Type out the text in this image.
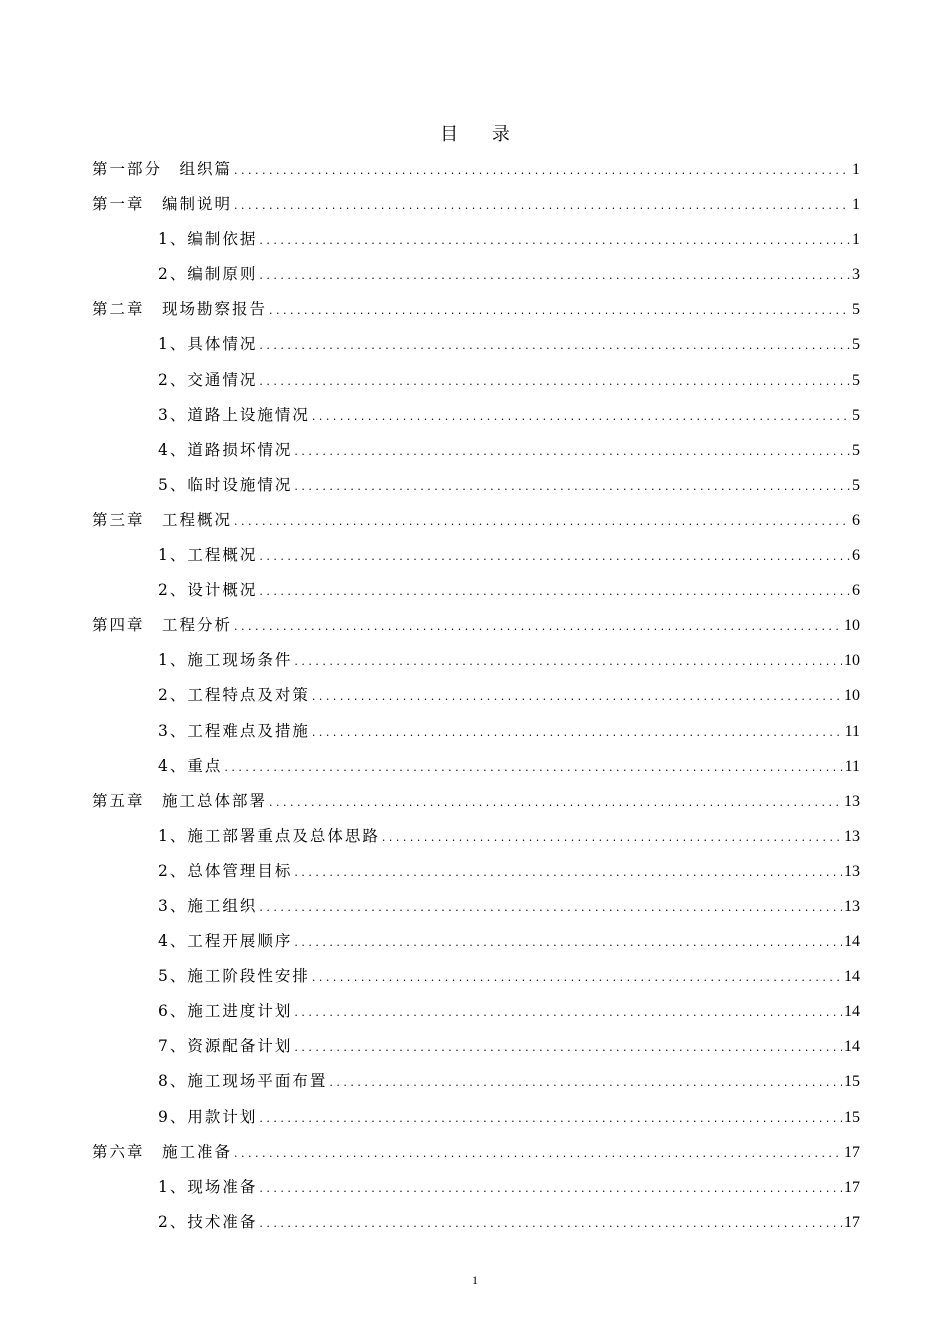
目 录
第一部分　组织篇 . . .	1
第一章　编制说明 . . .	1
1、编制依据 . . .	1
2、编制原则 . . .	3
第二章　现场勘察报告 . . .	5
1、具体情况 . . .	5
2、交通情况 . . .	5
3、道路上设施情况 . . .	5
4、道路损坏情况 . . .	5
5、临时设施情况 . . .	5
第三章　工程概况 . . .	6
1、工程概况 . . .	6
2、设计概况 . . .	6
第四章　工程分析 . . .	10
1、施工现场条件 . . .	10
2、工程特点及对策 . . .	10
3、工程难点及措施 . . .	11
4、重点 . . .	11
第五章　施工总体部署 . . .	13
1、施工部署重点及总体思路 . . .	13
2、总体管理目标 . . .	13
3、施工组织 . . .	13
4、工程开展顺序 . . .	14
5、施工阶段性安排 . . .	14
6、施工进度计划 . . .	14
7、资源配备计划 . . .	14
8、施工现场平面布置 . . .	15
9、用款计划 . . .	15
第六章　施工准备 . . .	17
1、现场准备 . . .	17
2、技术准备 . . .	17
1
